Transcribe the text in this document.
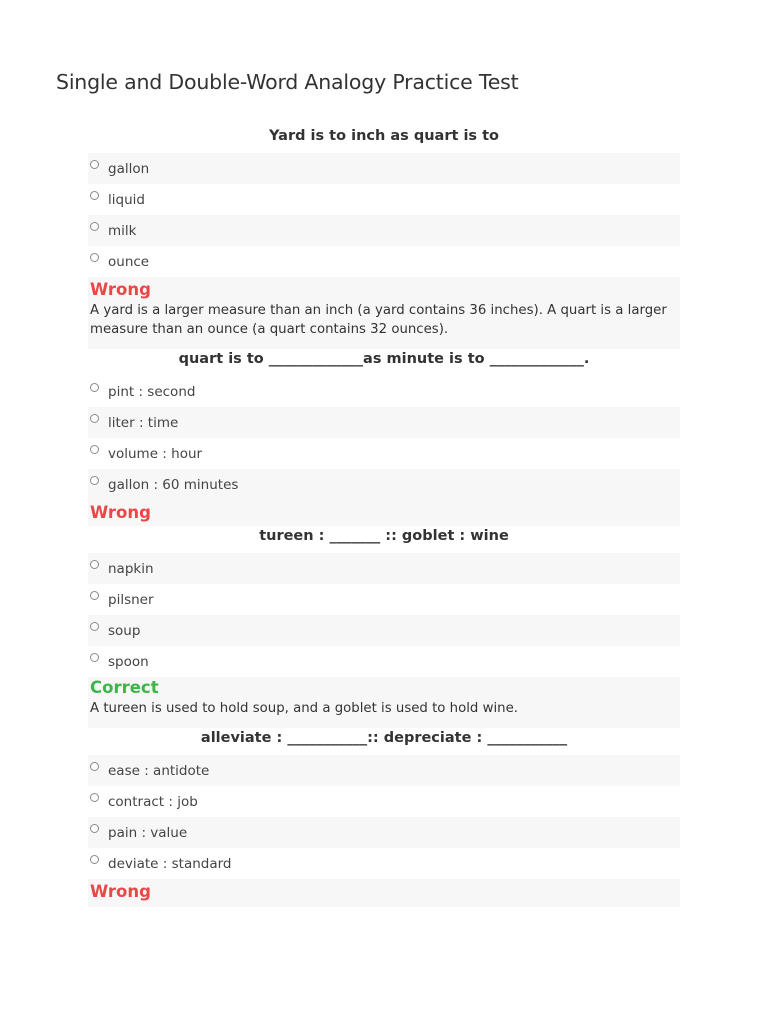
Single and Double-Word Analogy Practice Test
Yard is to inch as quart is to
gallon
liquid
milk
ounce
Wrong
A yard is a larger measure than an inch (a yard contains 36 inches). A quart is a larger measure than an ounce (a quart contains 32 ounces).
quart is to _____________as minute is to _____________.
pint : second
liter : time
volume : hour
gallon : 60 minutes
Wrong
tureen : _______ :: goblet : wine
napkin
pilsner
soup
spoon
Correct
A tureen is used to hold soup, and a goblet is used to hold wine.
alleviate : ___________:: depreciate : ___________
ease : antidote
contract : job
pain : value
deviate : standard
Wrong
